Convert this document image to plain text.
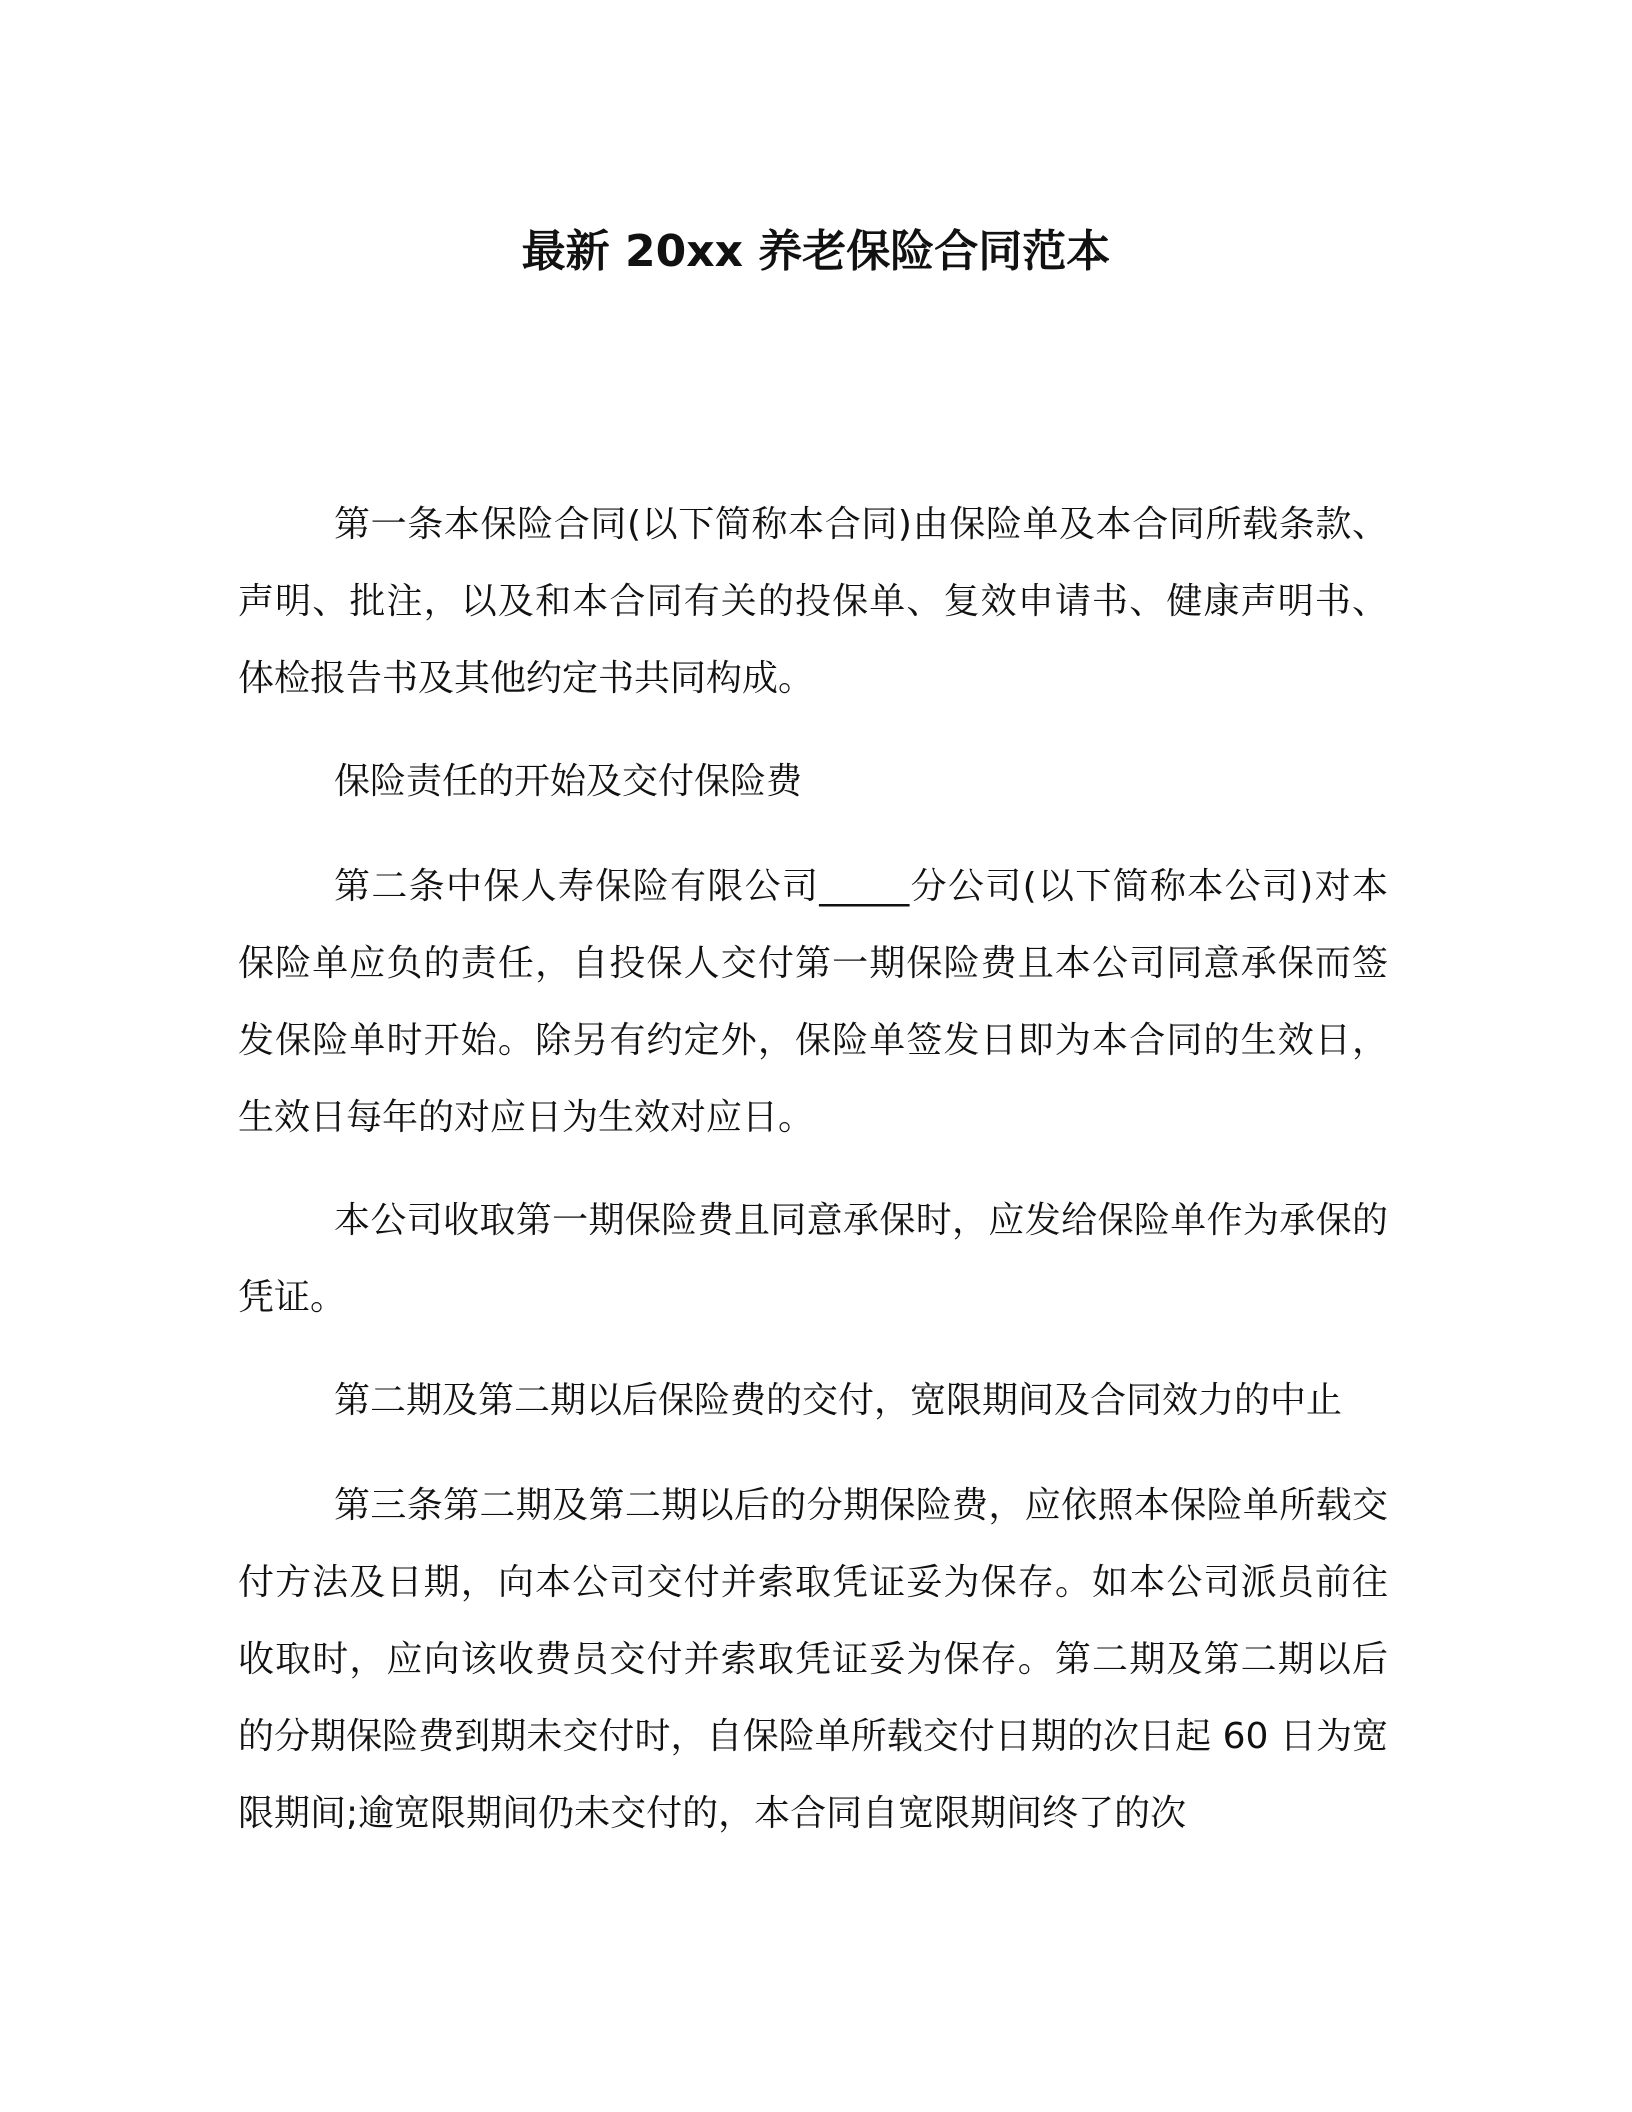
最新 20xx 养老保险合同范本

第一条本保险合同(以下简称本合同)由保险单及本合同所载条款、声明、批注，以及和本合同有关的投保单、复效申请书、健康声明书、体检报告书及其他约定书共同构成。

保险责任的开始及交付保险费

第二条中保人寿保险有限公司_____分公司(以下简称本公司)对本保险单应负的责任，自投保人交付第一期保险费且本公司同意承保而签发保险单时开始。除另有约定外，保险单签发日即为本合同的生效日，生效日每年的对应日为生效对应日。

本公司收取第一期保险费且同意承保时，应发给保险单作为承保的凭证。

第二期及第二期以后保险费的交付，宽限期间及合同效力的中止

第三条第二期及第二期以后的分期保险费，应依照本保险单所载交付方法及日期，向本公司交付并索取凭证妥为保存。如本公司派员前往收取时，应向该收费员交付并索取凭证妥为保存。第二期及第二期以后的分期保险费到期未交付时，自保险单所载交付日期的次日起 60 日为宽限期间;逾宽限期间仍未交付的，本合同自宽限期间终了的次
